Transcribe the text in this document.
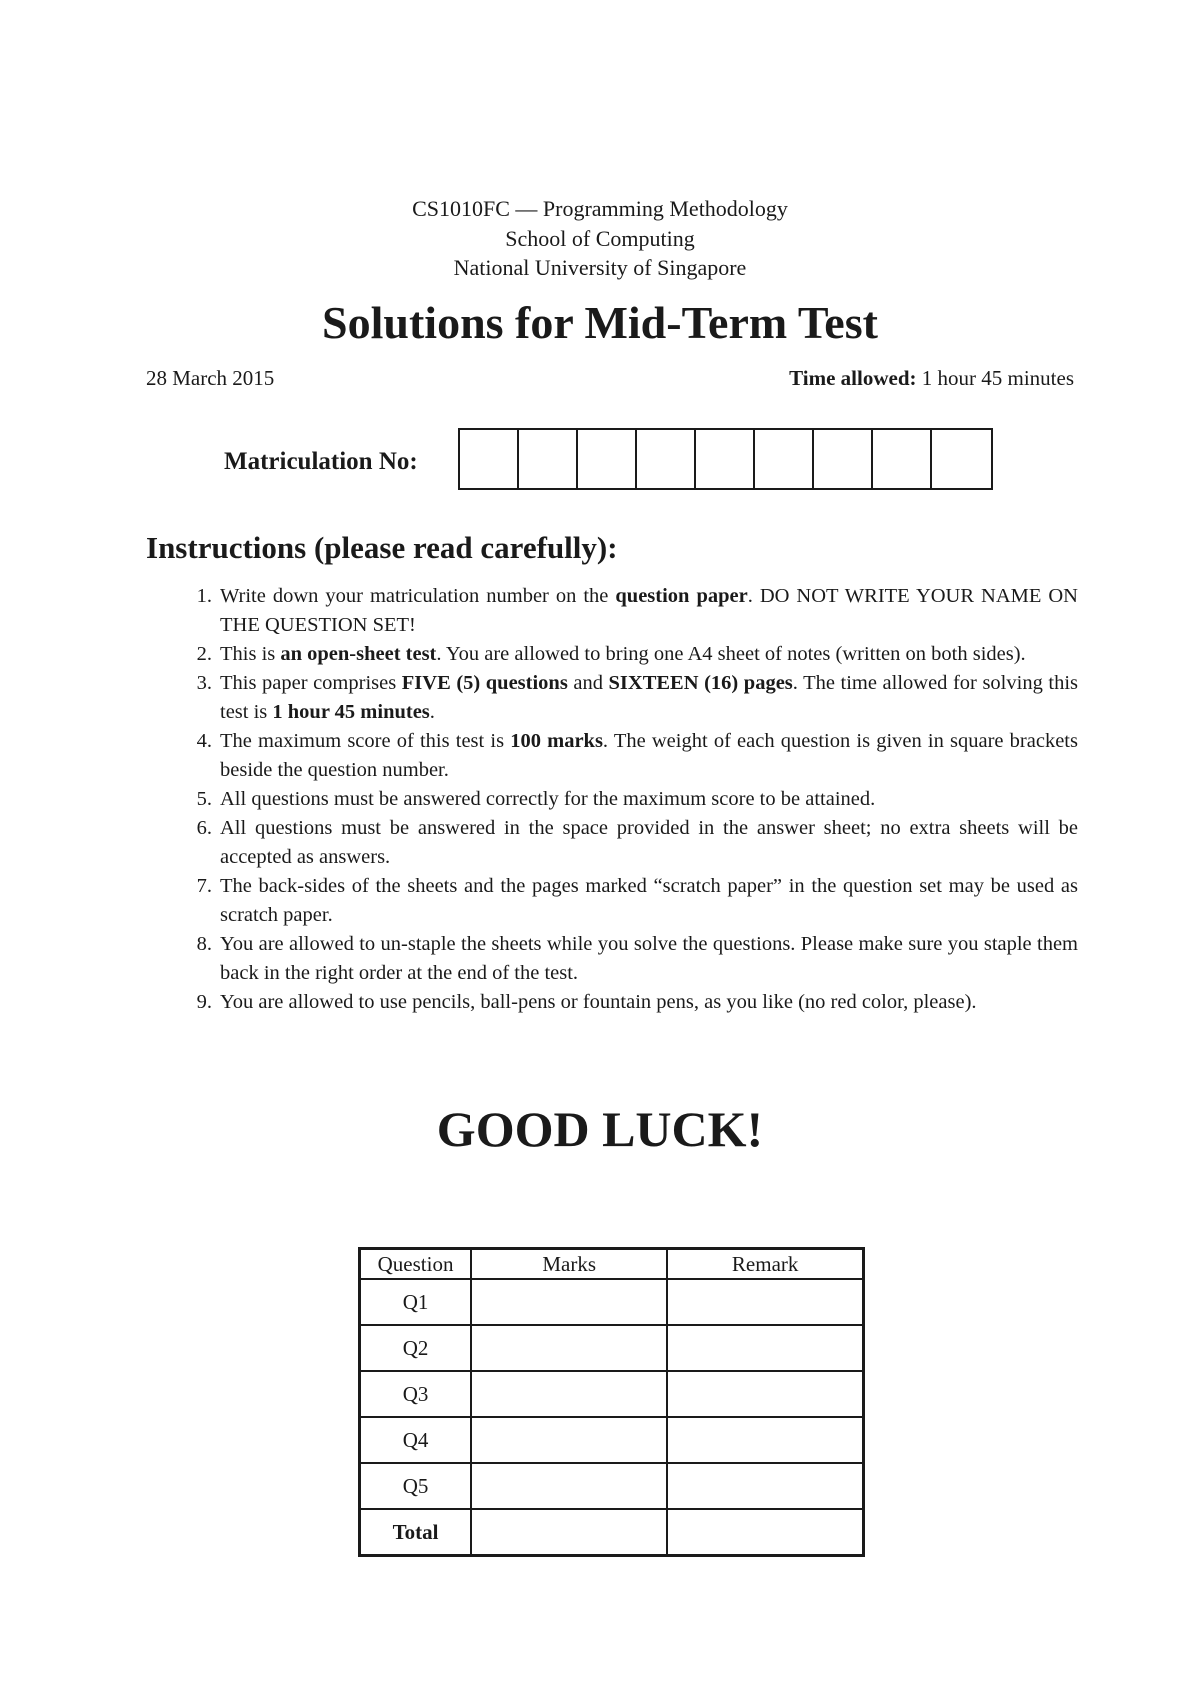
CS1010FC — Programming Methodology
School of Computing
National University of Singapore
Solutions for Mid-Term Test
28 March 2015	Time allowed: 1 hour 45 minutes
Matriculation No:
Instructions (please read carefully):
1. Write down your matriculation number on the question paper. DO NOT WRITE YOUR NAME ON THE QUESTION SET!
2. This is an open-sheet test. You are allowed to bring one A4 sheet of notes (written on both sides).
3. This paper comprises FIVE (5) questions and SIXTEEN (16) pages. The time allowed for solving this test is 1 hour 45 minutes.
4. The maximum score of this test is 100 marks. The weight of each question is given in square brackets beside the question number.
5. All questions must be answered correctly for the maximum score to be attained.
6. All questions must be answered in the space provided in the answer sheet; no extra sheets will be accepted as answers.
7. The back-sides of the sheets and the pages marked “scratch paper” in the question set may be used as scratch paper.
8. You are allowed to un-staple the sheets while you solve the questions. Please make sure you staple them back in the right order at the end of the test.
9. You are allowed to use pencils, ball-pens or fountain pens, as you like (no red color, please).
GOOD LUCK!
Question	Marks	Remark
Q1		
Q2		
Q3		
Q4		
Q5		
Total		
